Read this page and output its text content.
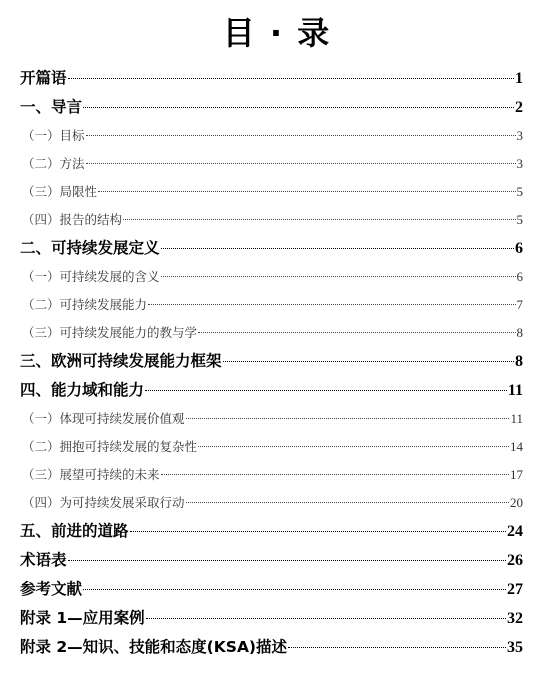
目 · 录
开篇语	1
一、导言	2
（一）目标	3
（二）方法	3
（三）局限性	5
（四）报告的结构	5
二、可持续发展定义	6
（一）可持续发展的含义	6
（二）可持续发展能力	7
（三）可持续发展能力的教与学	8
三、欧洲可持续发展能力框架	8
四、能力域和能力	11
（一）体现可持续发展价值观	11
（二）拥抱可持续发展的复杂性	14
（三）展望可持续的未来	17
（四）为可持续发展采取行动	20
五、前进的道路	24
术语表	26
参考文献	27
附录 1—应用案例	32
附录 2—知识、技能和态度(KSA)描述	35
